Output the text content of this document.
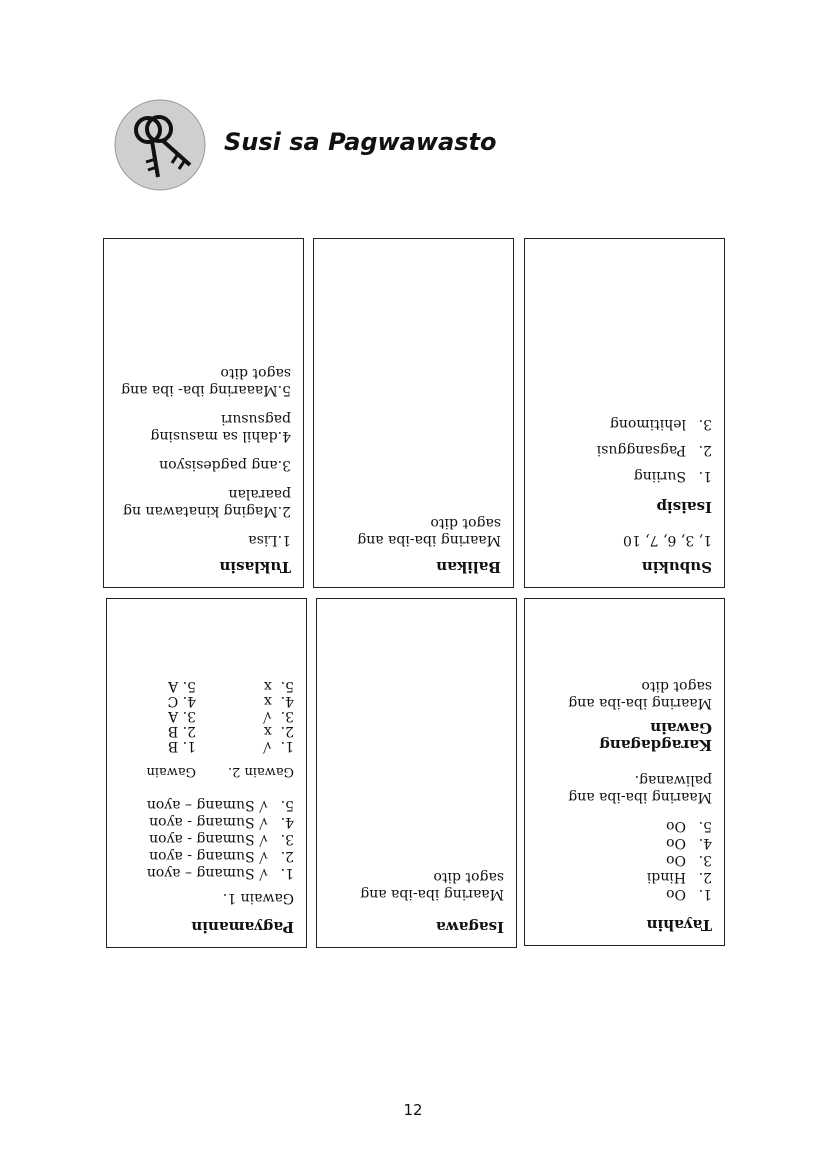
Susi sa Pagwawasto
Subukin
1, 3, 6, 7, 10
Isaisip
1.
Suriing
2.
Pagsanggusi
3.
lehitimong
Balikan
Maaring iba-iba ang
sagot dito
Tuklasin
1.Lisa
2.Maging kinatawan ng
paaralan
3.ang pagdesisyon
4.dahil sa masusing
pagsusuri
5.Maaaring iba- iba ang
sagot dito
Tayahin
1.
Oo
2.
Hindi
3.
Oo
4.
Oo
5.
Oo
Maaring iba-iba ang
paliwanag.
Karagdagang
Gawain
Maaring iba-iba ang
sagot dito
Isagawa
Maaring iba-iba ang
sagot dito
Pagyamanin
Gawain 1.
1.
√ Sumang – ayon
2.
√ Sumang - ayon
3.
√ Sumang - ayon
4.
√ Sumang - ayon
5.
√ Sumang – ayon
Gawain 2.
Gawain
1.  √		1. B
2.  x		2. B
3.  √		3. A
4.  x		4. C
5.  x		5. A
12
